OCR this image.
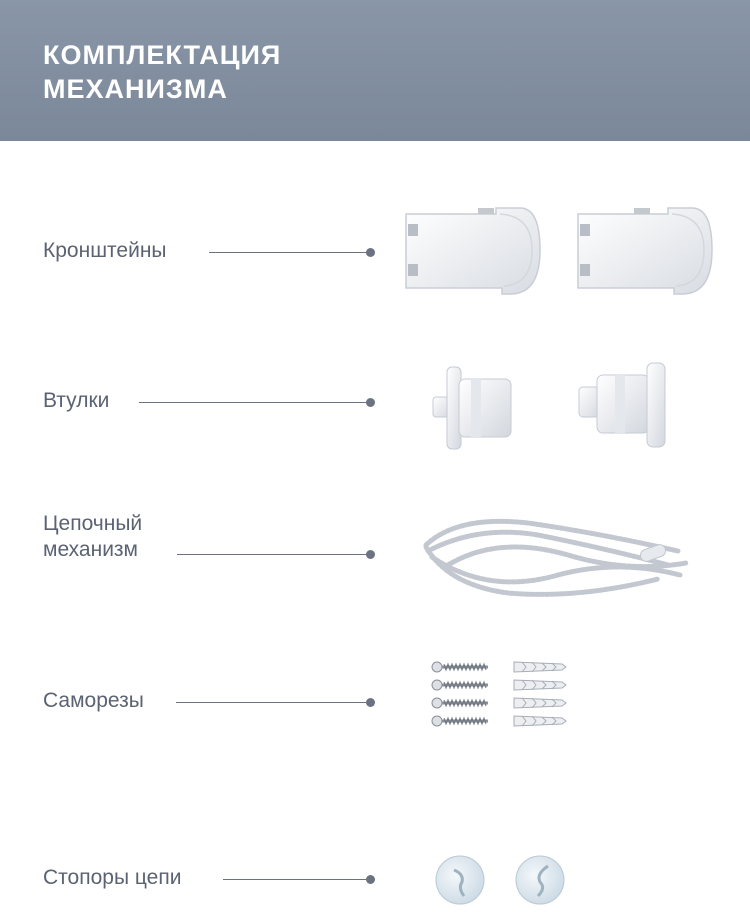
КОМПЛЕКТАЦИЯ
МЕХАНИЗМА
Кронштейны
Втулки
Цепочный
механизм
Саморезы
Стопоры цепи
